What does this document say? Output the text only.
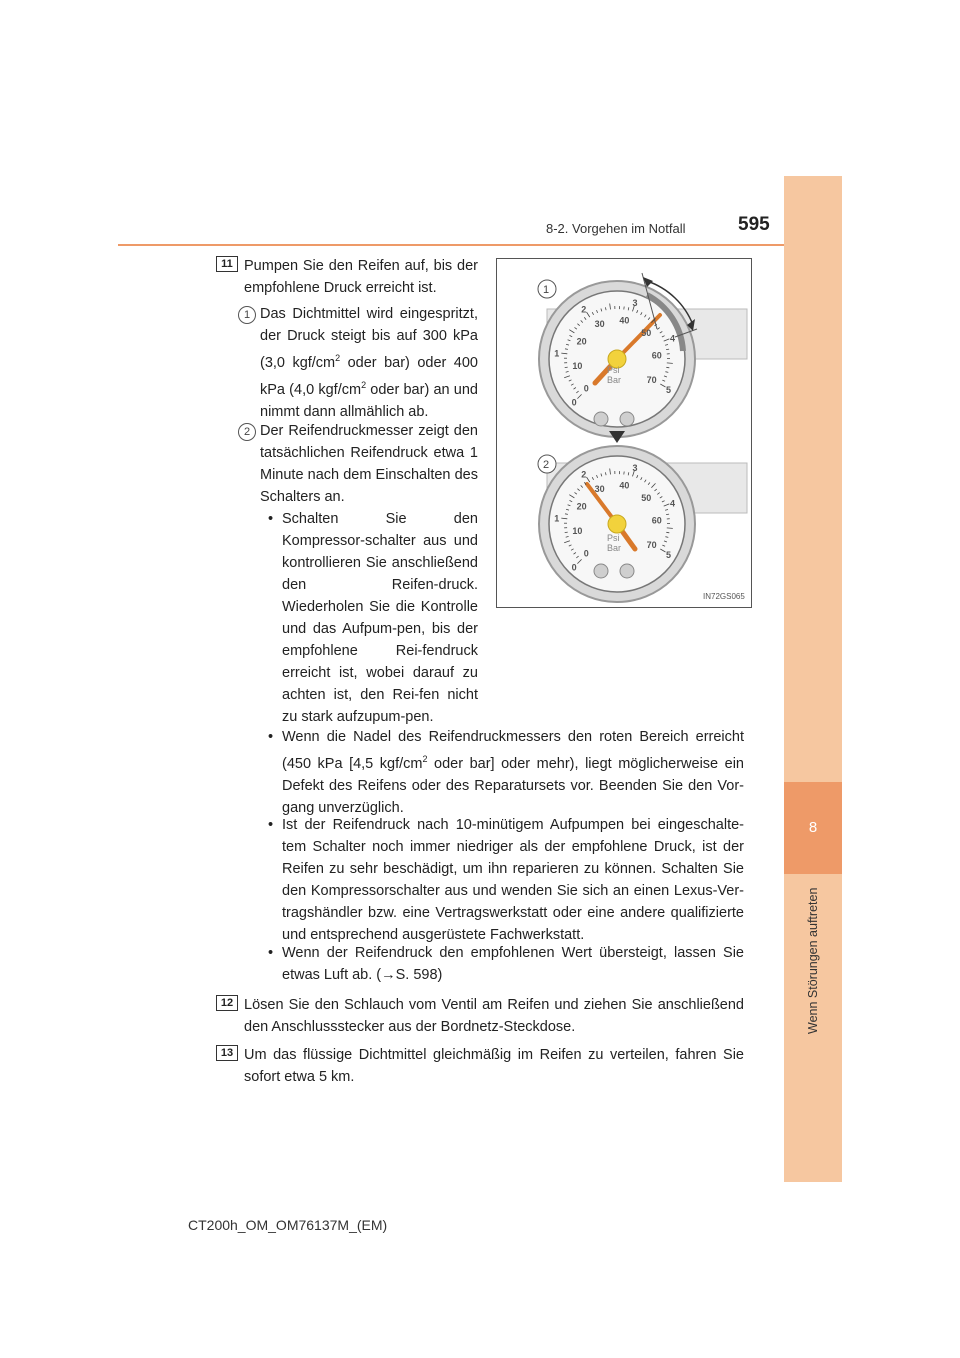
8-2. Vorgehen im Notfall	595
8
Wenn Störungen auftreten
11 Pumpen Sie den Reifen auf, bis der empfohlene Druck erreicht ist.
1 Das Dichtmittel wird eingespritzt, der Druck steigt bis auf 300 kPa (3,0 kgf/$cm^2$ oder bar) oder 400 kPa (4,0 kgf/$cm^2$ oder bar) an und nimmt dann allmählich ab.
2 Der Reifendruckmesser zeigt den tatsächlichen Reifendruck etwa 1 Minute nach dem Einschalten des Schalters an.
• Schalten Sie den Kompressor-schalter aus und kontrollieren Sie anschließend den Reifen-druck. Wiederholen Sie die Kontrolle und das Aufpum-pen, bis der empfohlene Rei-fendruck erreicht ist, wobei darauf zu achten ist, den Rei-fen nicht zu stark aufzupum-pen.
• Wenn die Nadel des Reifendruckmessers den roten Bereich erreicht (450 kPa [4,5 kgf/$cm^2$ oder bar] oder mehr), liegt möglicherweise ein Defekt des Reifens oder des Reparatursets vor. Beenden Sie den Vor-gang unverzüglich.
• Ist der Reifendruck nach 10-minütigem Aufpumpen bei eingeschalte-tem Schalter noch immer niedriger als der empfohlene Druck, ist der Reifen zu sehr beschädigt, um ihn reparieren zu können. Schalten Sie den Kompressorschalter aus und wenden Sie sich an einen Lexus-Ver-tragshändler bzw. eine Vertragswerkstatt oder eine andere qualifizierte und entsprechend ausgerüstete Fachwerkstatt.
• Wenn der Reifendruck den empfohlenen Wert übersteigt, lassen Sie etwas Luft ab. (→S. 598)
12 Lösen Sie den Schlauch vom Ventil am Reifen und ziehen Sie anschließend den Anschlussstecker aus der Bordnetz-Steckdose.
13 Um das flüssige Dichtmittel gleichmäßig im Reifen zu verteilen, fahren Sie sofort etwa 5 km.
Psi
Bar
1
Psi
Bar
2
0
10
20
30 40
50
60
70
0
1
2
3
4
5
0
10
20
30 40
50
60
70
0
1
2
3
4
5
IN72GS065
CT200h_OM_OM76137M_(EM)
